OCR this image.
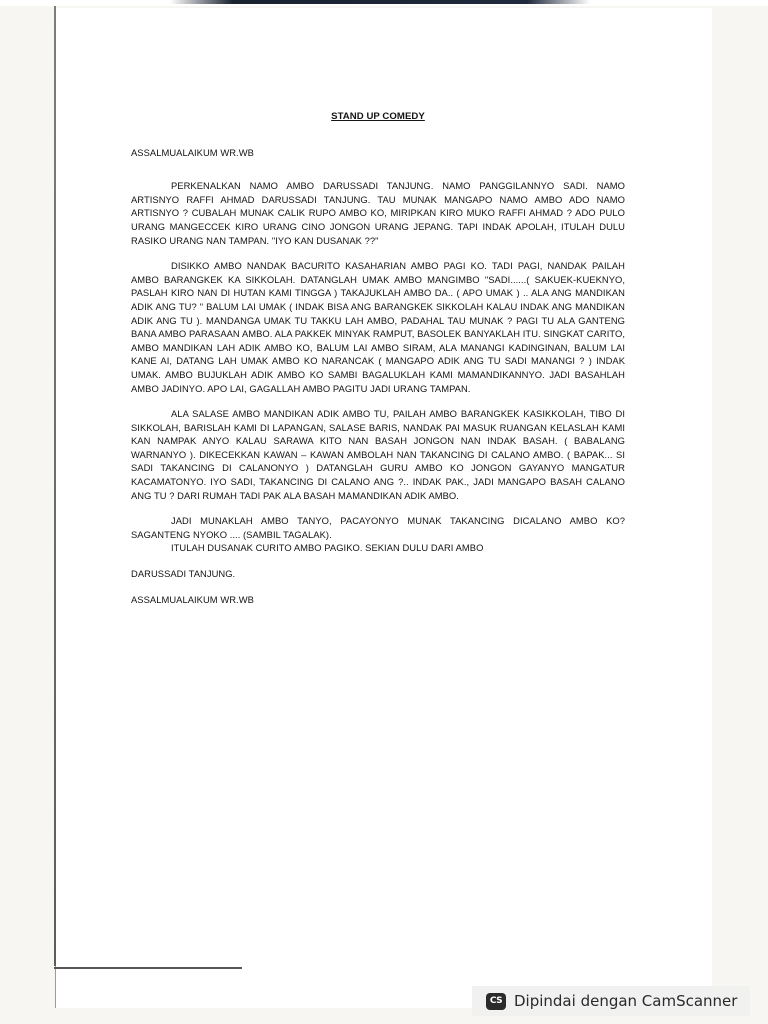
STAND UP COMEDY
ASSALMUALAIKUM WR.WB

PERKENALKAN NAMO AMBO DARUSSADI TANJUNG. NAMO PANGGILANNYO SADI. NAMO ARTISNYO RAFFI AHMAD DARUSSADI TANJUNG. TAU MUNAK MANGAPO NAMO AMBO ADO NAMO ARTISNYO ? CUBALAH MUNAK CALIK RUPO AMBO KO, MIRIPKAN KIRO MUKO RAFFI AHMAD ? ADO PULO URANG MANGECCEK KIRO URANG CINO JONGON URANG JEPANG. TAPI INDAK APOLAH, ITULAH DULU RASIKO URANG NAN TAMPAN. "IYO KAN DUSANAK ??"

DISIKKO AMBO NANDAK BACURITO KASAHARIAN AMBO PAGI KO. TADI PAGI, NANDAK PAILAH AMBO BARANGKEK KA SIKKOLAH. DATANGLAH UMAK AMBO MANGIMBO "SADI......( SAKUEK-KUEKNYO, PASLAH KIRO NAN DI HUTAN KAMI TINGGA ) TAKAJUKLAH AMBO DA.. ( APO UMAK ) .. ALA ANG MANDIKAN ADIK ANG TU? " BALUM LAI UMAK ( INDAK BISA ANG BARANGKEK SIKKOLAH KALAU INDAK ANG MANDIKAN ADIK ANG TU ). MANDANGA UMAK TU TAKKU LAH AMBO, PADAHAL TAU MUNAK ? PAGI TU ALA GANTENG BANA AMBO PARASAAN AMBO. ALA PAKKEK MINYAK RAMPUT, BASOLEK BANYAKLAH ITU. SINGKAT CARITO, AMBO MANDIKAN LAH ADIK AMBO KO, BALUM LAI AMBO SIRAM, ALA MANANGI KADINGINAN, BALUM LAI KANE AI, DATANG LAH UMAK AMBO KO NARANCAK ( MANGAPO ADIK ANG TU SADI MANANGI ? ) INDAK UMAK. AMBO BUJUKLAH ADIK AMBO KO SAMBI BAGALUKLAH KAMI MAMANDIKANNYO. JADI BASAHLAH AMBO JADINYO. APO LAI, GAGALLAH AMBO PAGITU JADI URANG TAMPAN.

ALA SALASE AMBO MANDIKAN ADIK AMBO TU, PAILAH AMBO BARANGKEK KASIKKOLAH, TIBO DI SIKKOLAH, BARISLAH KAMI DI LAPANGAN, SALASE BARIS, NANDAK PAI MASUK RUANGAN KELASLAH KAMI KAN NAMPAK ANYO KALAU SARAWA KITO NAN BASAH JONGON NAN INDAK BASAH. ( BABALANG WARNANYO ). DIKECEKKAN KAWAN – KAWAN AMBOLAH NAN TAKANCING DI CALANO AMBO. ( BAPAK... SI SADI TAKANCING DI CALANONYO ) DATANGLAH GURU AMBO KO JONGON GAYANYO MANGATUR KACAMATONYO. IYO SADI, TAKANCING DI CALANO ANG ?.. INDAK PAK., JADI MANGAPO BASAH CALANO ANG TU ? DARI RUMAH TADI PAK ALA BASAH MAMANDIKAN ADIK AMBO.

JADI MUNAKLAH AMBO TANYO, PACAYONYO MUNAK TAKANCING DICALANO AMBO KO? SAGANTENG NYOKO .... (SAMBIL TAGALAK).

ITULAH DUSANAK CURITO AMBO PAGIKO. SEKIAN DULU DARI AMBO

DARUSSADI TANJUNG.
ASSALMUALAIKUM WR.WB
CS Dipindai dengan CamScanner
